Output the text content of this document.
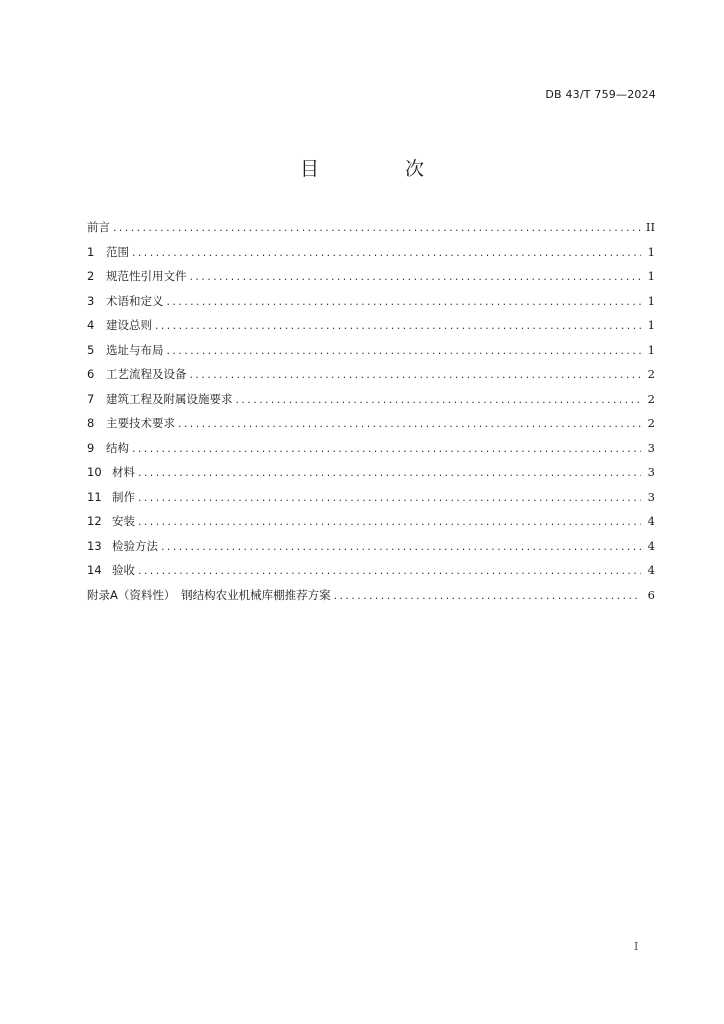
DB 43/T 759—2024
目 次
前言 .....	II
1	范围 .....	1
2	规范性引用文件 .....	1
3	术语和定义 .....	1
4	建设总则 .....	1
5	选址与布局 .....	1
6	工艺流程及设备 .....	2
7	建筑工程及附属设施要求 .....	2
8	主要技术要求 .....	2
9	结构 .....	3
10 材料 .....	3
11 制作 .....	3
12 安装 .....	4
13 检验方法 .....	4
14 验收 .....	4
附录A（资料性）　钢结构农业机械库棚推荐方案 .....	6
I
